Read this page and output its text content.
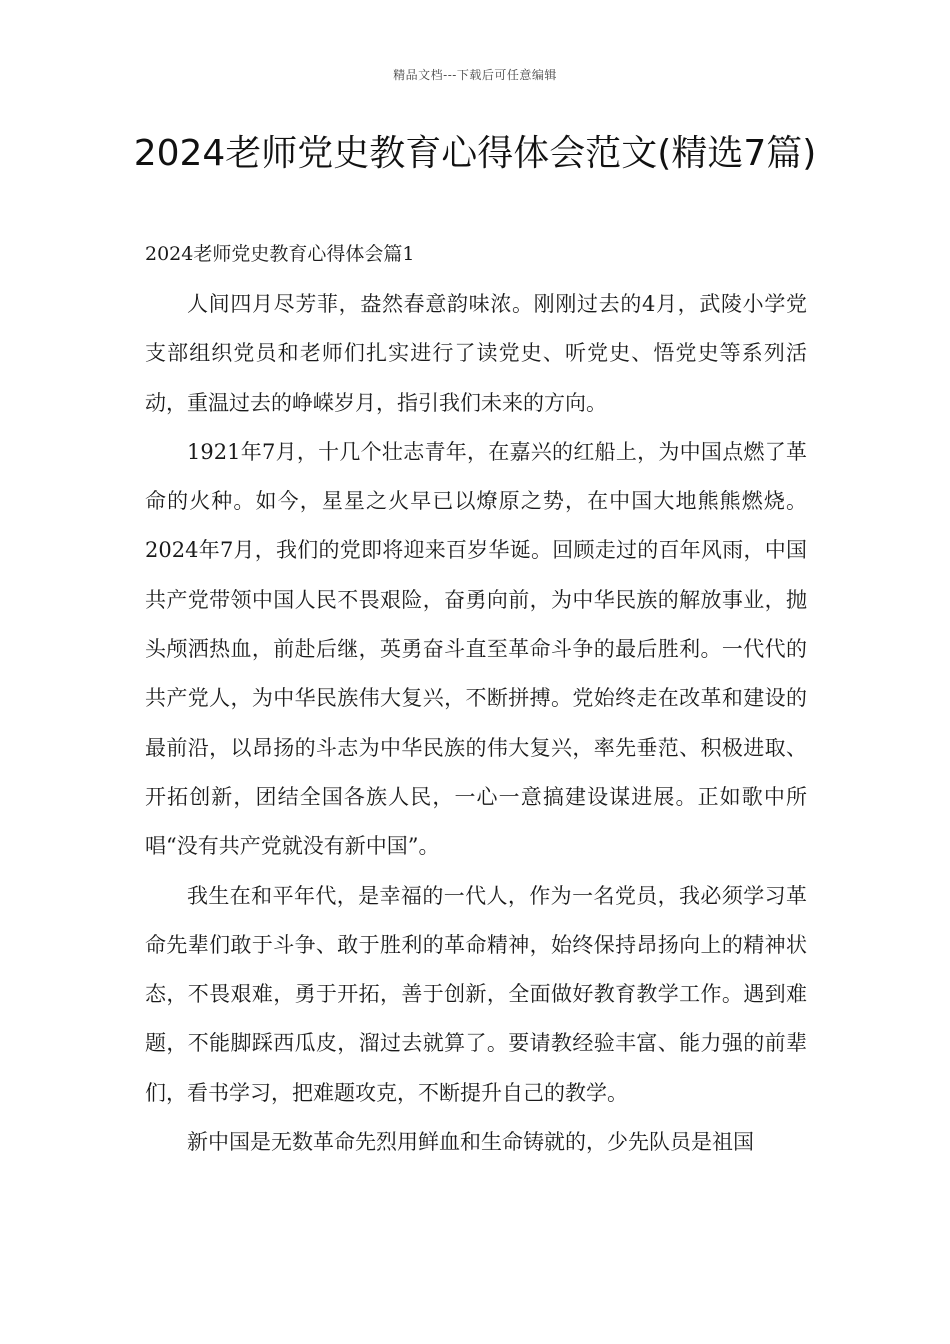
精品文档---下载后可任意编辑
2024老师党史教育心得体会范文(精选7篇)
2024老师党史教育心得体会篇1

人间四月尽芳菲，盎然春意韵味浓。刚刚过去的4月，武陵小学党支部组织党员和老师们扎实进行了读党史、听党史、悟党史等系列活动，重温过去的峥嵘岁月，指引我们未来的方向。

1921年7月，十几个壮志青年，在嘉兴的红船上，为中国点燃了革命的火种。如今，星星之火早已以燎原之势，在中国大地熊熊燃烧。2024年7月，我们的党即将迎来百岁华诞。回顾走过的百年风雨，中国共产党带领中国人民不畏艰险，奋勇向前，为中华民族的解放事业，抛头颅洒热血，前赴后继，英勇奋斗直至革命斗争的最后胜利。一代代的共产党人，为中华民族伟大复兴，不断拼搏。党始终走在改革和建设的最前沿，以昂扬的斗志为中华民族的伟大复兴，率先垂范、积极进取、开拓创新，团结全国各族人民，一心一意搞建设谋进展。正如歌中所唱“没有共产党就没有新中国”。

我生在和平年代，是幸福的一代人，作为一名党员，我必须学习革命先辈们敢于斗争、敢于胜利的革命精神，始终保持昂扬向上的精神状态，不畏艰难，勇于开拓，善于创新，全面做好教育教学工作。遇到难题，不能脚踩西瓜皮，溜过去就算了。要请教经验丰富、能力强的前辈们，看书学习，把难题攻克，不断提升自己的教学。

新中国是无数革命先烈用鲜血和生命铸就的，少先队员是祖国
